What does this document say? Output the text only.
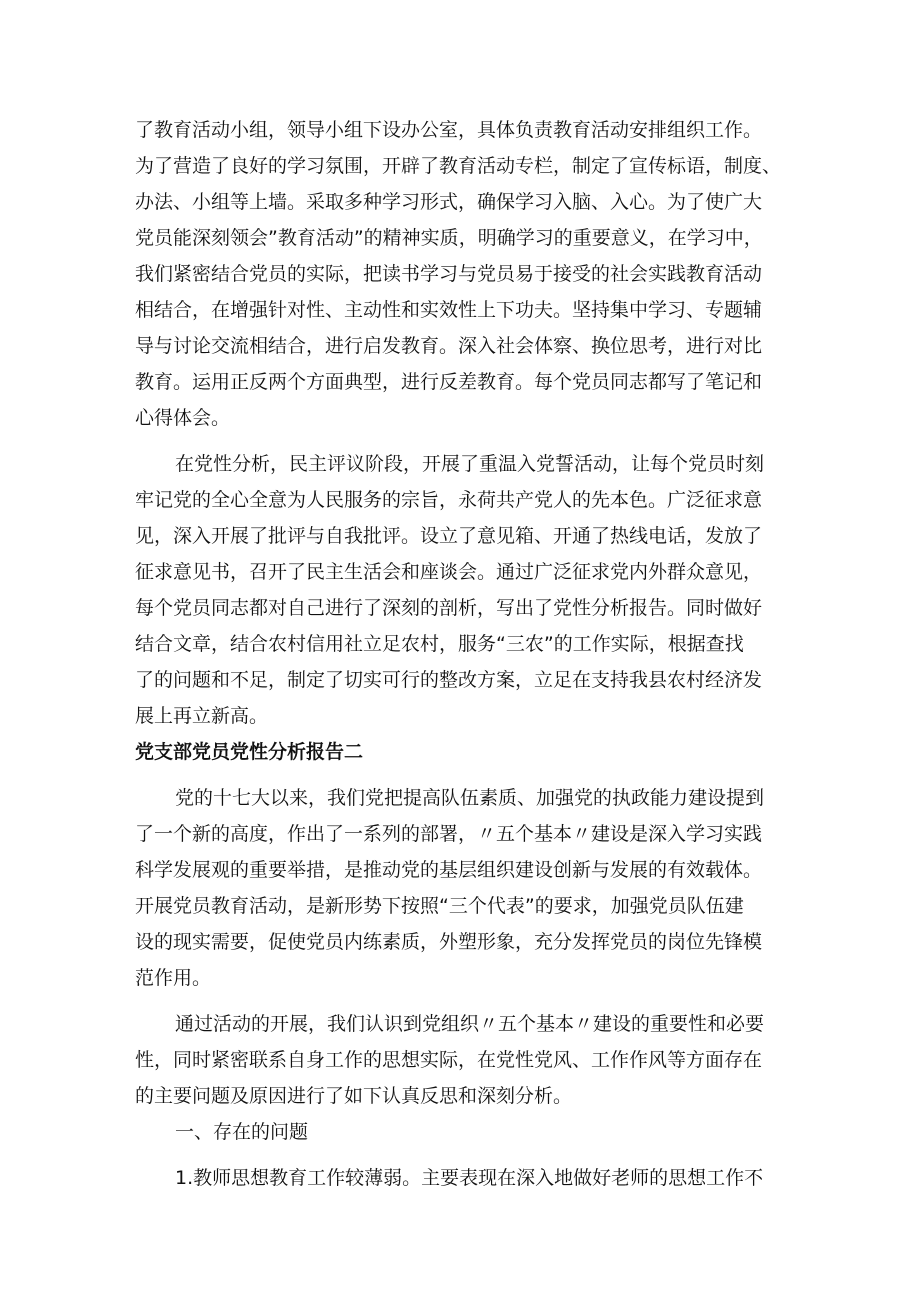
了教育活动小组，领导小组下设办公室，具体负责教育活动安排组织工作。
为了营造了良好的学习氛围，开辟了教育活动专栏，制定了宣传标语，制度、
办法、小组等上墙。采取多种学习形式，确保学习入脑、入心。为了使广大
党员能深刻领会”教育活动”的精神实质，明确学习的重要意义，在学习中，
我们紧密结合党员的实际，把读书学习与党员易于接受的社会实践教育活动
相结合，在增强针对性、主动性和实效性上下功夫。坚持集中学习、专题辅
导与讨论交流相结合，进行启发教育。深入社会体察、换位思考，进行对比
教育。运用正反两个方面典型，进行反差教育。每个党员同志都写了笔记和
心得体会。
在党性分析，民主评议阶段，开展了重温入党誓活动，让每个党员时刻
牢记党的全心全意为人民服务的宗旨，永荷共产党人的先本色。广泛征求意
见，深入开展了批评与自我批评。设立了意见箱、开通了热线电话，发放了
征求意见书，召开了民主生活会和座谈会。通过广泛征求党内外群众意见，
每个党员同志都对自己进行了深刻的剖析，写出了党性分析报告。同时做好
结合文章，结合农村信用社立足农村，服务“三农”的工作实际，根据查找
了的问题和不足，制定了切实可行的整改方案，立足在支持我县农村经济发
展上再立新高。
党支部党员党性分析报告二
党的十七大以来，我们党把提高队伍素质、加强党的执政能力建设提到
了一个新的高度，作出了一系列的部署，〃五个基本〃建设是深入学习实践
科学发展观的重要举措，是推动党的基层组织建设创新与发展的有效载体。
开展党员教育活动，是新形势下按照“三个代表”的要求，加强党员队伍建
设的现实需要，促使党员内练素质，外塑形象，充分发挥党员的岗位先锋模
范作用。
通过活动的开展，我们认识到党组织〃五个基本〃建设的重要性和必要
性，同时紧密联系自身工作的思想实际，在党性党风、工作作风等方面存在
的主要问题及原因进行了如下认真反思和深刻分析。
一、存在的问题
1.教师思想教育工作较薄弱。主要表现在深入地做好老师的思想工作不
